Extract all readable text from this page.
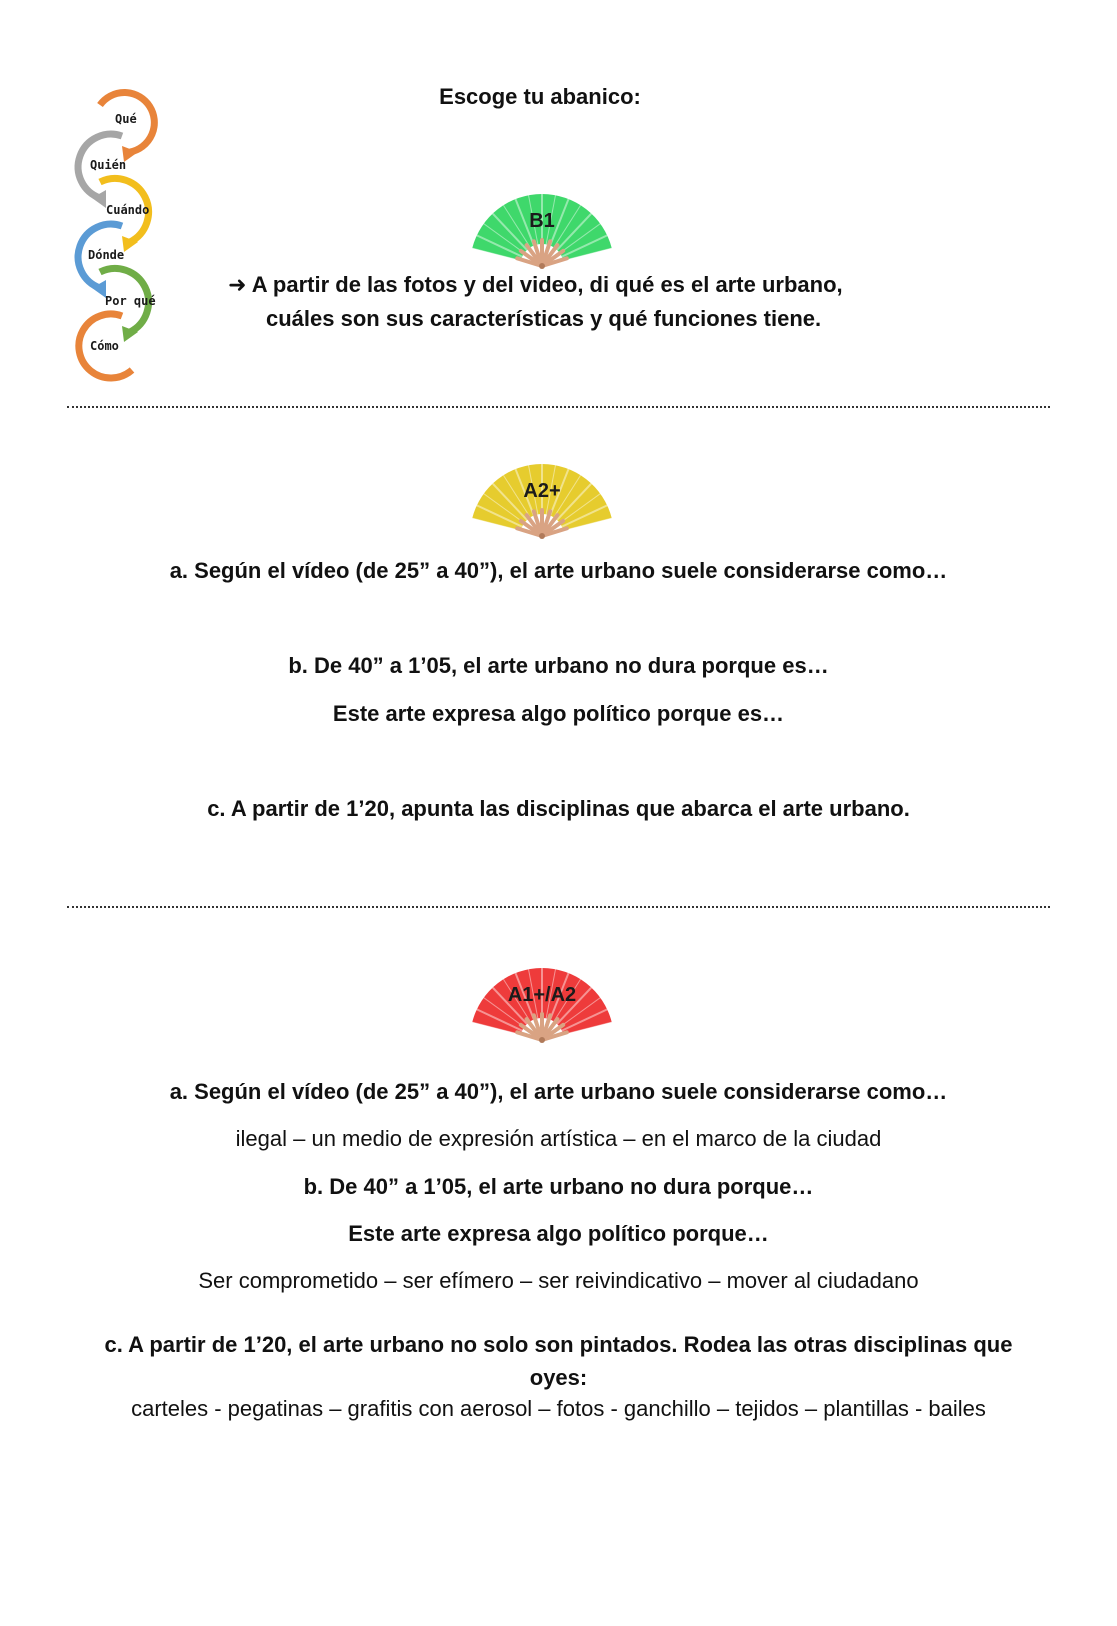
Qué
Quién
Cuándo
Dónde
Por qué
Cómo
Escoge tu abanico:
B1
➜ A partir de las fotos y del video, di qué es el arte urbano,
cuáles son sus características y qué funciones tiene.
A2+
a. Según el vídeo (de 25” a 40”), el arte urbano suele considerarse como…
b. De 40” a 1’05, el arte urbano no dura porque es…
Este arte expresa algo político porque es…
c. A partir de 1’20, apunta las disciplinas que abarca el arte urbano.
A1+/A2
a. Según el vídeo (de 25” a 40”), el arte urbano suele considerarse como…
ilegal – un medio de expresión artística – en el marco de la ciudad
b. De 40” a 1’05, el arte urbano no dura porque…
Este arte expresa algo político porque…
Ser comprometido – ser efímero – ser reivindicativo – mover al ciudadano
c. A partir de 1’20, el arte urbano no solo son pintados. Rodea las otras disciplinas que
oyes:
carteles - pegatinas – grafitis con aerosol – fotos - ganchillo – tejidos – plantillas - bailes
